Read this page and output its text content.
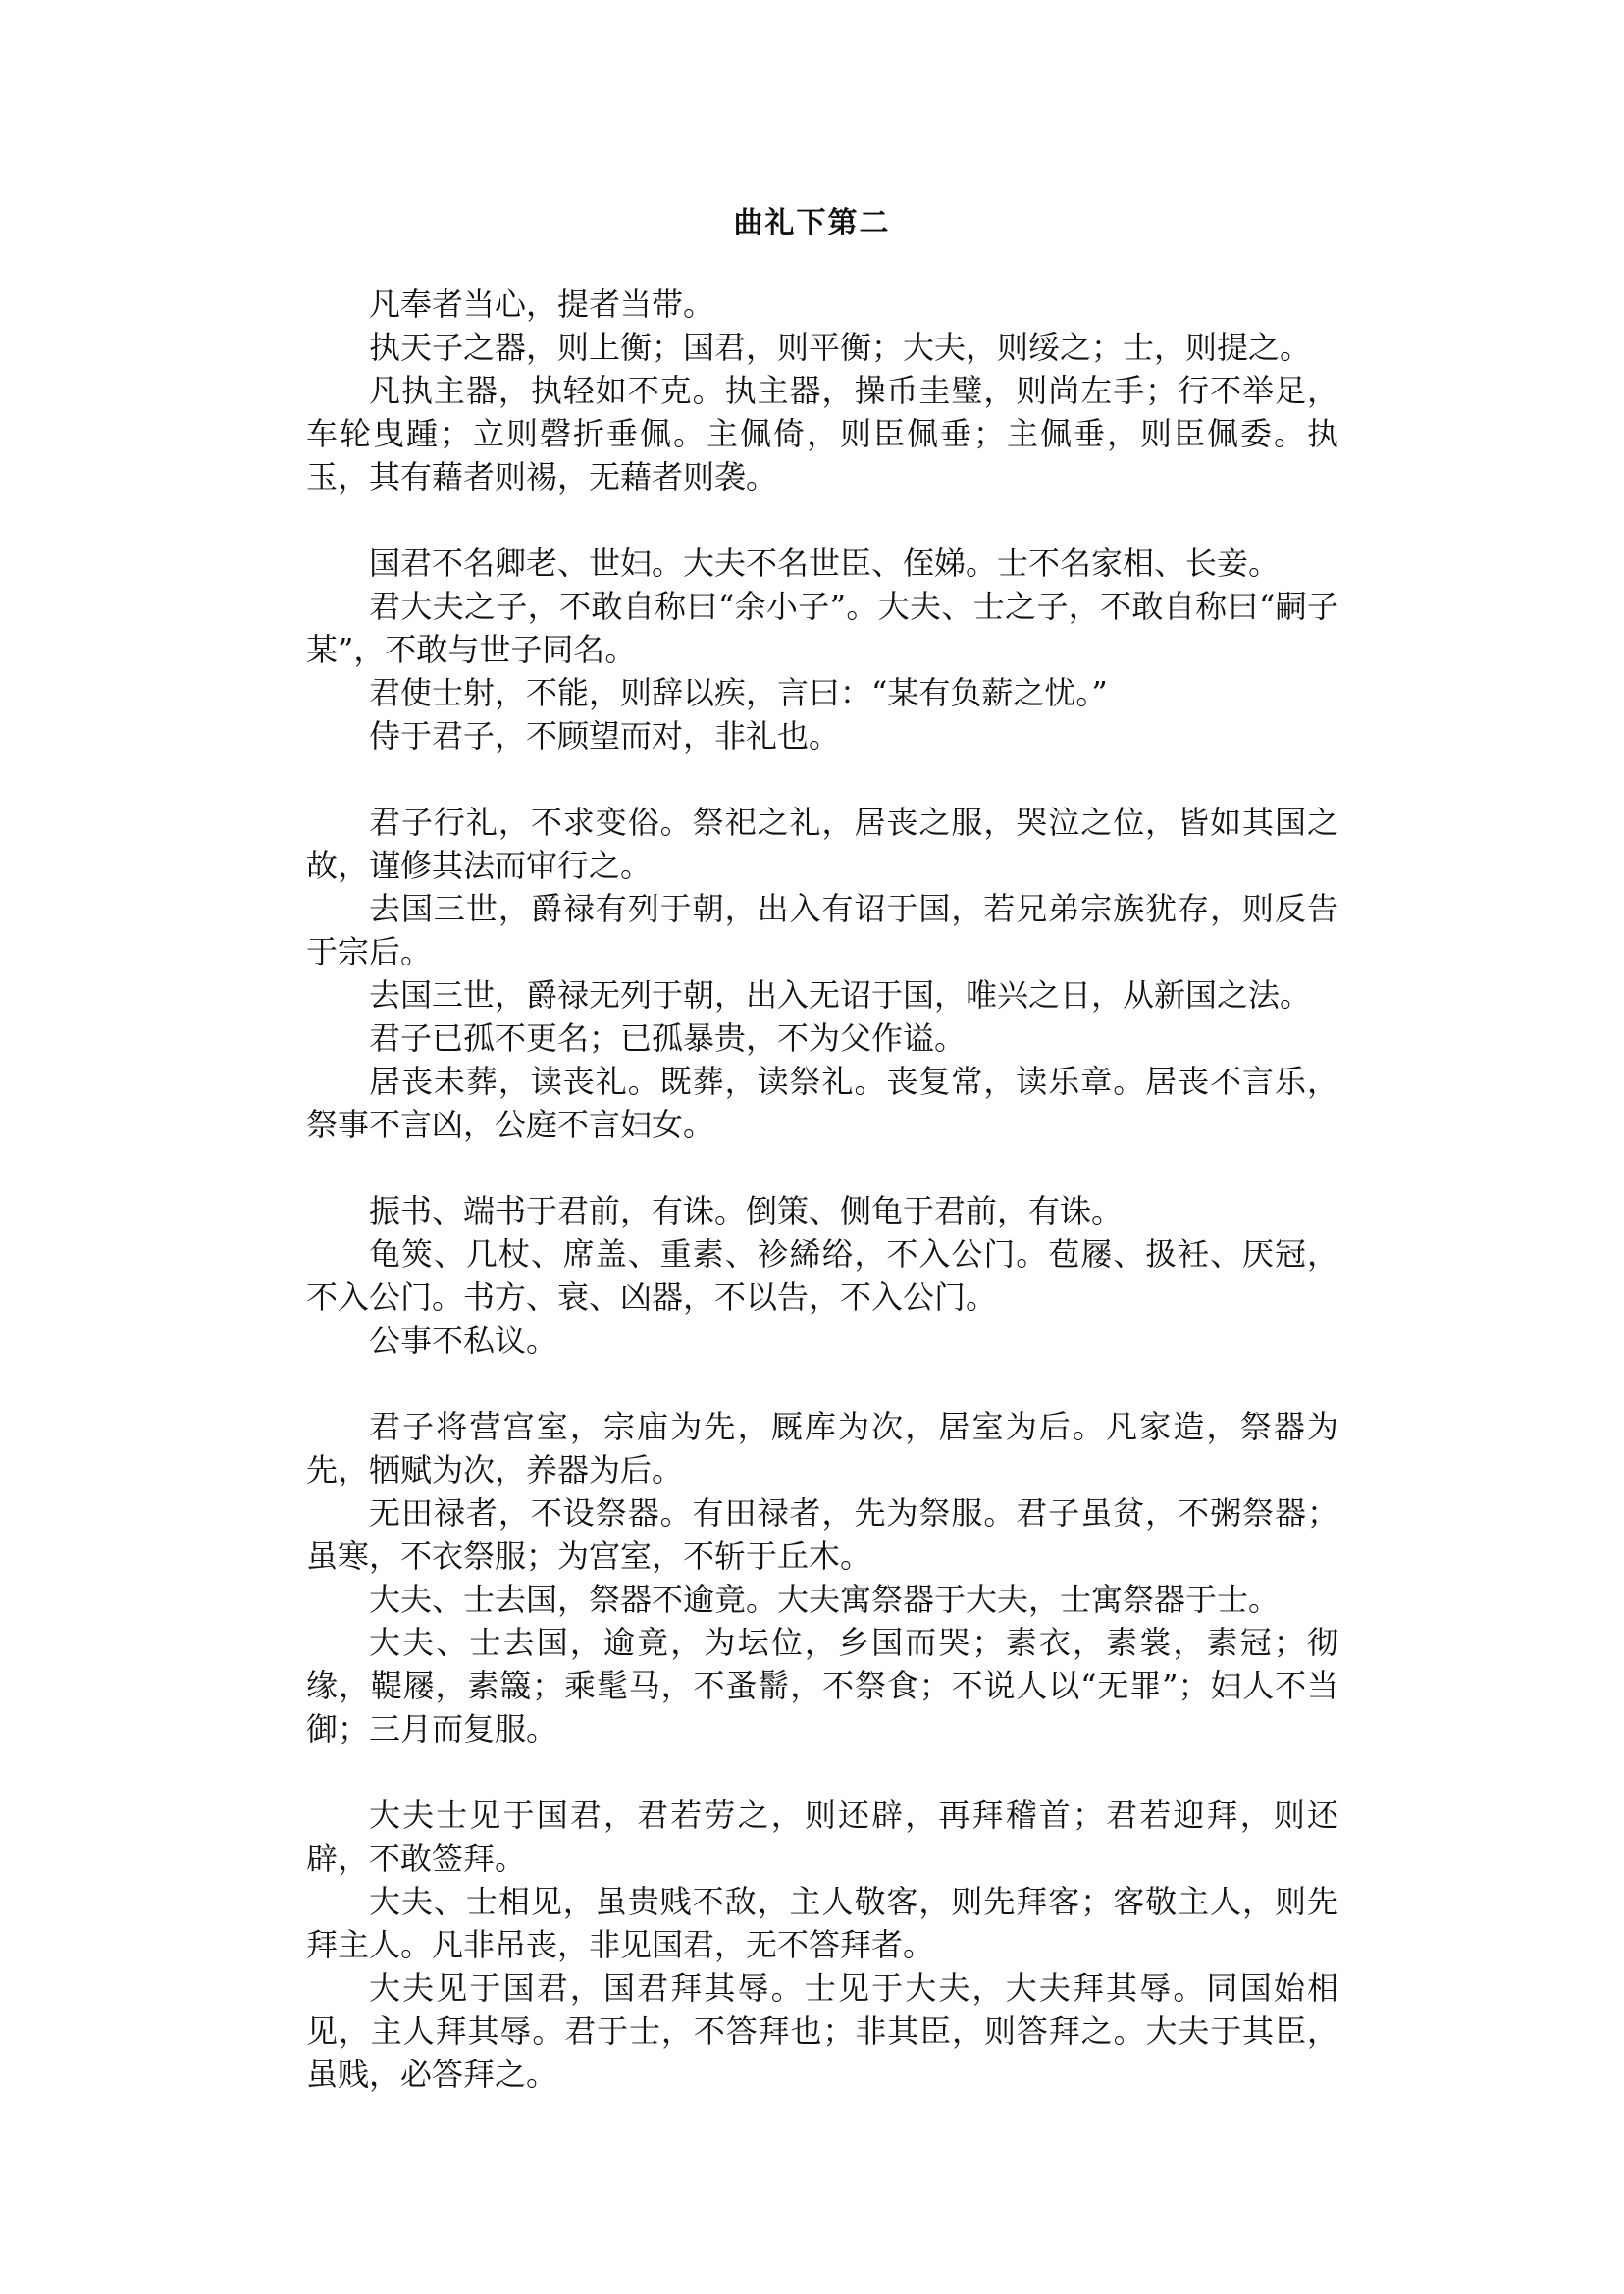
曲礼下第二

凡奉者当心，提者当带。

执天子之器，则上衡；国君，则平衡；大夫，则绥之；士，则提之。

凡执主器，执轻如不克。执主器，操币圭璧，则尚左手；行不举足，车轮曳踵；立则磬折垂佩。主佩倚，则臣佩垂；主佩垂，则臣佩委。执玉，其有藉者则裼，无藉者则袭。

国君不名卿老、世妇。大夫不名世臣、侄娣。士不名家相、长妾。

君大夫之子，不敢自称曰“余小子”。大夫、士之子，不敢自称曰“嗣子某”，不敢与世子同名。

君使士射，不能，则辞以疾，言曰：“某有负薪之忧。”

侍于君子，不顾望而对，非礼也。

君子行礼，不求变俗。祭祀之礼，居丧之服，哭泣之位，皆如其国之故，谨修其法而审行之。

去国三世，爵禄有列于朝，出入有诏于国，若兄弟宗族犹存，则反告于宗后。

去国三世，爵禄无列于朝，出入无诏于国，唯兴之日，从新国之法。

君子已孤不更名；已孤暴贵，不为父作谥。

居丧未葬，读丧礼。既葬，读祭礼。丧复常，读乐章。居丧不言乐，祭事不言凶，公庭不言妇女。

振书、端书于君前，有诛。倒策、侧龟于君前，有诛。

龟筴、几杖、席盖、重素、袗絺绤，不入公门。苞屦、扱衽、厌冠，不入公门。书方、衰、凶器，不以告，不入公门。

公事不私议。

君子将营宫室，宗庙为先，厩库为次，居室为后。凡家造，祭器为先，牺赋为次，养器为后。

无田禄者，不设祭器。有田禄者，先为祭服。君子虽贫，不粥祭器；虽寒，不衣祭服；为宫室，不斩于丘木。

大夫、士去国，祭器不逾竟。大夫寓祭器于大夫，士寓祭器于士。

大夫、士去国，逾竟，为坛位，乡国而哭；素衣，素裳，素冠；彻缘，鞮屦，素簚；乘髦马，不蚤鬋，不祭食；不说人以“无罪”；妇人不当御；三月而复服。

大夫士见于国君，君若劳之，则还辟，再拜稽首；君若迎拜，则还辟，不敢签拜。

大夫、士相见，虽贵贱不敌，主人敬客，则先拜客；客敬主人，则先拜主人。凡非吊丧，非见国君，无不答拜者。

大夫见于国君，国君拜其辱。士见于大夫，大夫拜其辱。同国始相见，主人拜其辱。君于士，不答拜也；非其臣，则答拜之。大夫于其臣，虽贱，必答拜之。
